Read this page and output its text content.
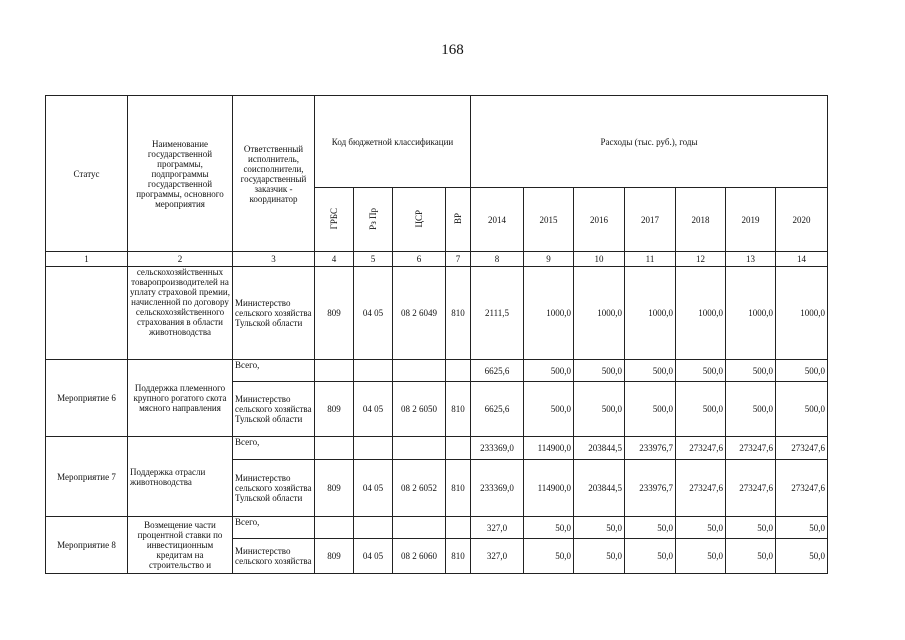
168
Статус	Наименование государственной программы, подпрограммы государственной программы, основного мероприятия	Ответственный исполнитель, соисполнители, государственный заказчик - координатор	Код бюджетной классификации				Расходы (тыс. руб.), годы						
			ГРБС	Рз Пр	ЦСР	ВР	2014	2015	2016	2017	2018	2019	2020
1	2	3	4	5	6	7	8	9	10	11	12	13	14
	сельскохозяйственных товаропроизводителей на уплату страховой премии, начисленной по договору сельскохозяйственного страхования в области животноводства	Министерство сельского хозяйства Тульской области	809	04 05	08 2 6049	810	2111,5	1000,0	1000,0	1000,0	1000,0	1000,0	1000,0
Мероприятие 6	Поддержка племенного крупного рогатого скота мясного направления	Всего,					6625,6	500,0	500,0	500,0	500,0	500,0	500,0
		Министерство сельского хозяйства Тульской области	809	04 05	08 2 6050	810	6625,6	500,0	500,0	500,0	500,0	500,0	500,0
Мероприятие 7	Поддержка отрасли животноводства	Всего,					233369,0	114900,0	203844,5	233976,7	273247,6	273247,6	273247,6
		Министерство сельского хозяйства Тульской области	809	04 05	08 2 6052	810	233369,0	114900,0	203844,5	233976,7	273247,6	273247,6	273247,6
Мероприятие 8	Возмещение части процентной ставки по инвестиционным кредитам на строительство и	Всего,					327,0	50,0	50,0	50,0	50,0	50,0	50,0
		Министерство сельского хозяйства	809	04 05	08 2 6060	810	327,0	50,0	50,0	50,0	50,0	50,0	50,0
